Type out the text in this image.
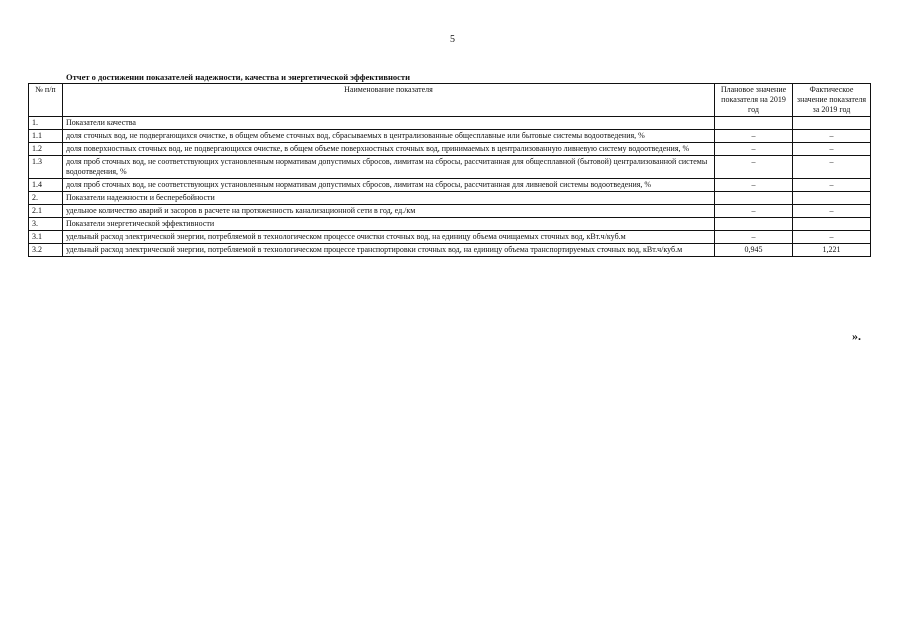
5
Отчет о достижении показателей надежности, качества и энергетической эффективности
№ п/п	Наименование показателя	Плановое значение показателя на 2019 год	Фактическое значение показателя за 2019 год
1.	Показатели качества		
1.1	доля сточных вод, не подвергающихся очистке, в общем объеме сточных вод, сбрасываемых в централизованные общесплавные или бытовые системы водоотведения, %	–	–
1.2	доля поверхностных сточных вод, не подвергающихся очистке, в общем объеме поверхностных сточных вод, принимаемых в централизованную ливневую систему водоотведения, %	–	–
1.3	доля проб сточных вод, не соответствующих установленным нормативам допустимых сбросов, лимитам на сбросы, рассчитанная для общесплавной (бытовой) централизованной системы водоотведения, %	–	–
1.4	доля проб сточных вод, не соответствующих установленным нормативам допустимых сбросов, лимитам на сбросы, рассчитанная для ливневой системы водоотведения, %	–	–
2.	Показатели надежности и бесперебойности		
2.1	удельное количество аварий и засоров в расчете на протяженность канализационной сети в год, ед./км	–	–
3.	Показатели энергетической эффективности		
3.1	удельный расход электрической энергии, потребляемой в технологическом процессе очистки сточных вод, на единицу объема очищаемых сточных вод, кВт.ч/куб.м	–	–
3.2	удельный расход электрической энергии, потребляемой в технологическом процессе транспортировки сточных вод, на единицу объема транспортируемых сточных вод, кВт.ч/куб.м	0,945	1,221
».
